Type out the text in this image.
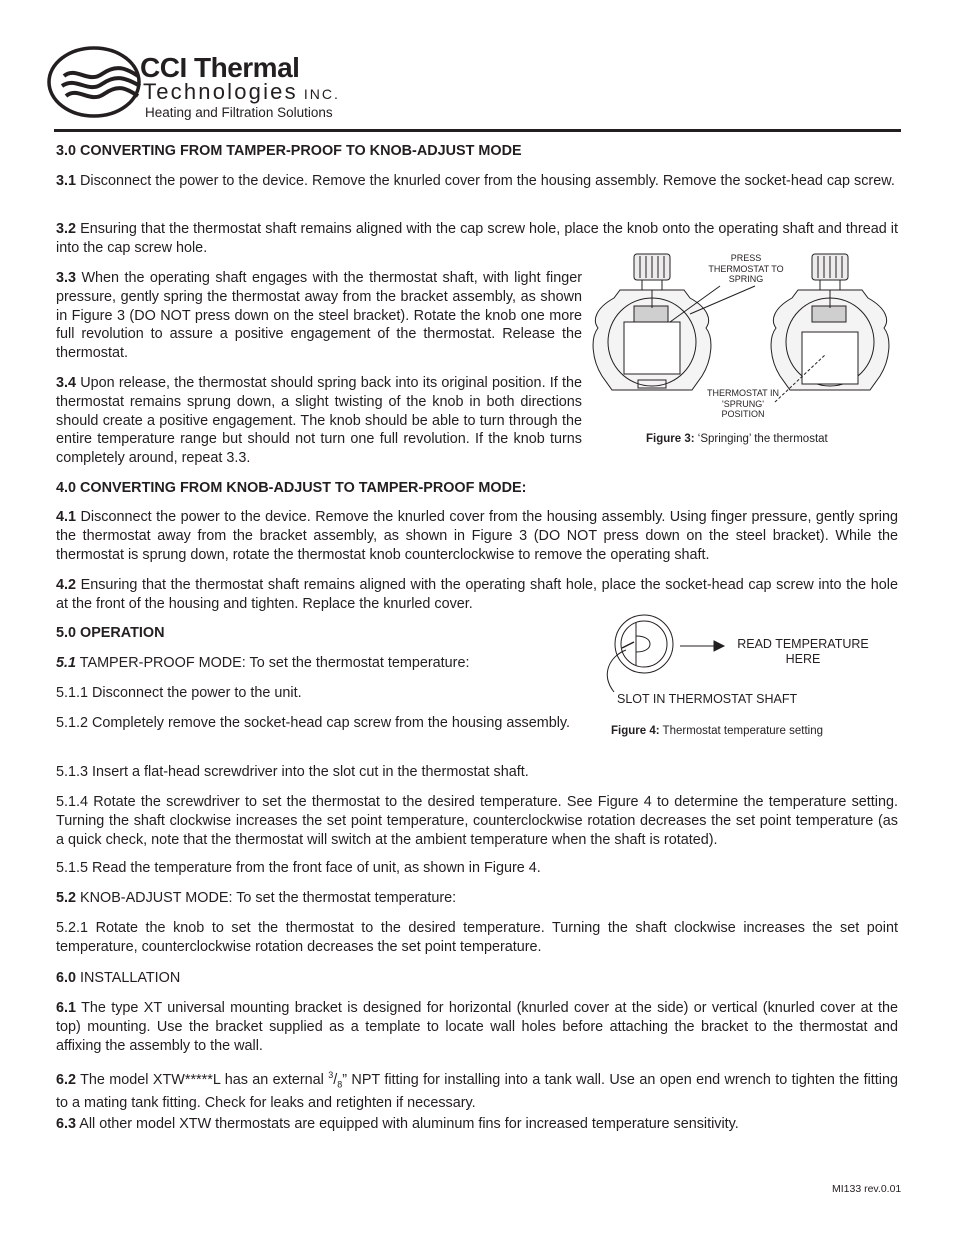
CCI Thermal
Technologies INC.
Heating and Filtration Solutions
3.0 CONVERTING FROM TAMPER-PROOF TO KNOB-ADJUST MODE
3.1 Disconnect the power to the device. Remove the knurled cover from the housing assembly. Remove the socket-head cap screw.
3.2 Ensuring that the thermostat shaft remains aligned with the cap screw hole, place the knob onto the operating shaft and thread it into the cap screw hole.
3.3 When the operating shaft engages with the thermostat shaft, with light finger pressure, gently spring the thermostat away from the bracket assembly, as shown in Figure 3 (DO NOT press down on the steel bracket). Rotate the knob one more full revolution to assure a positive engagement of the thermostat. Release the thermostat.
3.4 Upon release, the thermostat should spring back into its original position. If the thermostat remains sprung down, a slight twisting of the knob in both directions should create a positive engagement. The knob should be able to turn through the entire temperature range but should not turn one full revolution. If the knob turns completely around, repeat 3.3.
PRESS THERMOSTAT TO SPRING
THERMOSTAT IN 'SPRUNG' POSITION
Figure 3: ‘Springing’ the thermostat
4.0 CONVERTING FROM KNOB-ADJUST TO TAMPER-PROOF MODE:
4.1 Disconnect the power to the device. Remove the knurled cover from the housing assembly. Using finger pressure, gently spring the thermostat away from the bracket assembly, as shown in Figure 3 (DO NOT press down on the steel bracket). While the thermostat is sprung down, rotate the thermostat knob counterclockwise to remove the operating shaft.
4.2 Ensuring that the thermostat shaft remains aligned with the operating shaft hole, place the socket-head cap screw into the hole at the front of the housing and tighten. Replace the knurled cover.
5.0 OPERATION
5.1 TAMPER-PROOF MODE: To set the thermostat temperature:
5.1.1 Disconnect the power to the unit.
5.1.2 Completely remove the socket-head cap screw from the housing assembly.
5.1.3 Insert a flat-head screwdriver into the slot cut in the thermostat shaft.
5.1.4 Rotate the screwdriver to set the thermostat to the desired temperature. See Figure 4 to determine the temperature setting. Turning the shaft clockwise increases the set point temperature, counterclockwise rotation decreases the set point temperature (as a quick check, note that the thermostat will switch at the ambient temperature when the shaft is rotated).
5.1.5 Read the temperature from the front face of unit, as shown in Figure 4.
5.2 KNOB-ADJUST MODE: To set the thermostat temperature:
5.2.1 Rotate the knob to set the thermostat to the desired temperature. Turning the shaft clockwise increases the set point temperature, counterclockwise rotation decreases the set point temperature.
READ TEMPERATURE HERE
SLOT IN THERMOSTAT SHAFT
Figure 4: Thermostat temperature setting
6.0 INSTALLATION
6.1 The type XT universal mounting bracket is designed for horizontal (knurled cover at the side) or vertical (knurled cover at the top) mounting. Use the bracket supplied as a template to locate wall holes before attaching the bracket to the thermostat and affixing the assembly to the wall.
6.2 The model XTW*****L has an external $^3/_8$” NPT fitting for installing into a tank wall. Use an open end wrench to tighten the fitting to a mating tank fitting. Check for leaks and retighten if necessary.
6.3 All other model XTW thermostats are equipped with aluminum fins for increased temperature sensitivity.
MI133 rev.0.01
